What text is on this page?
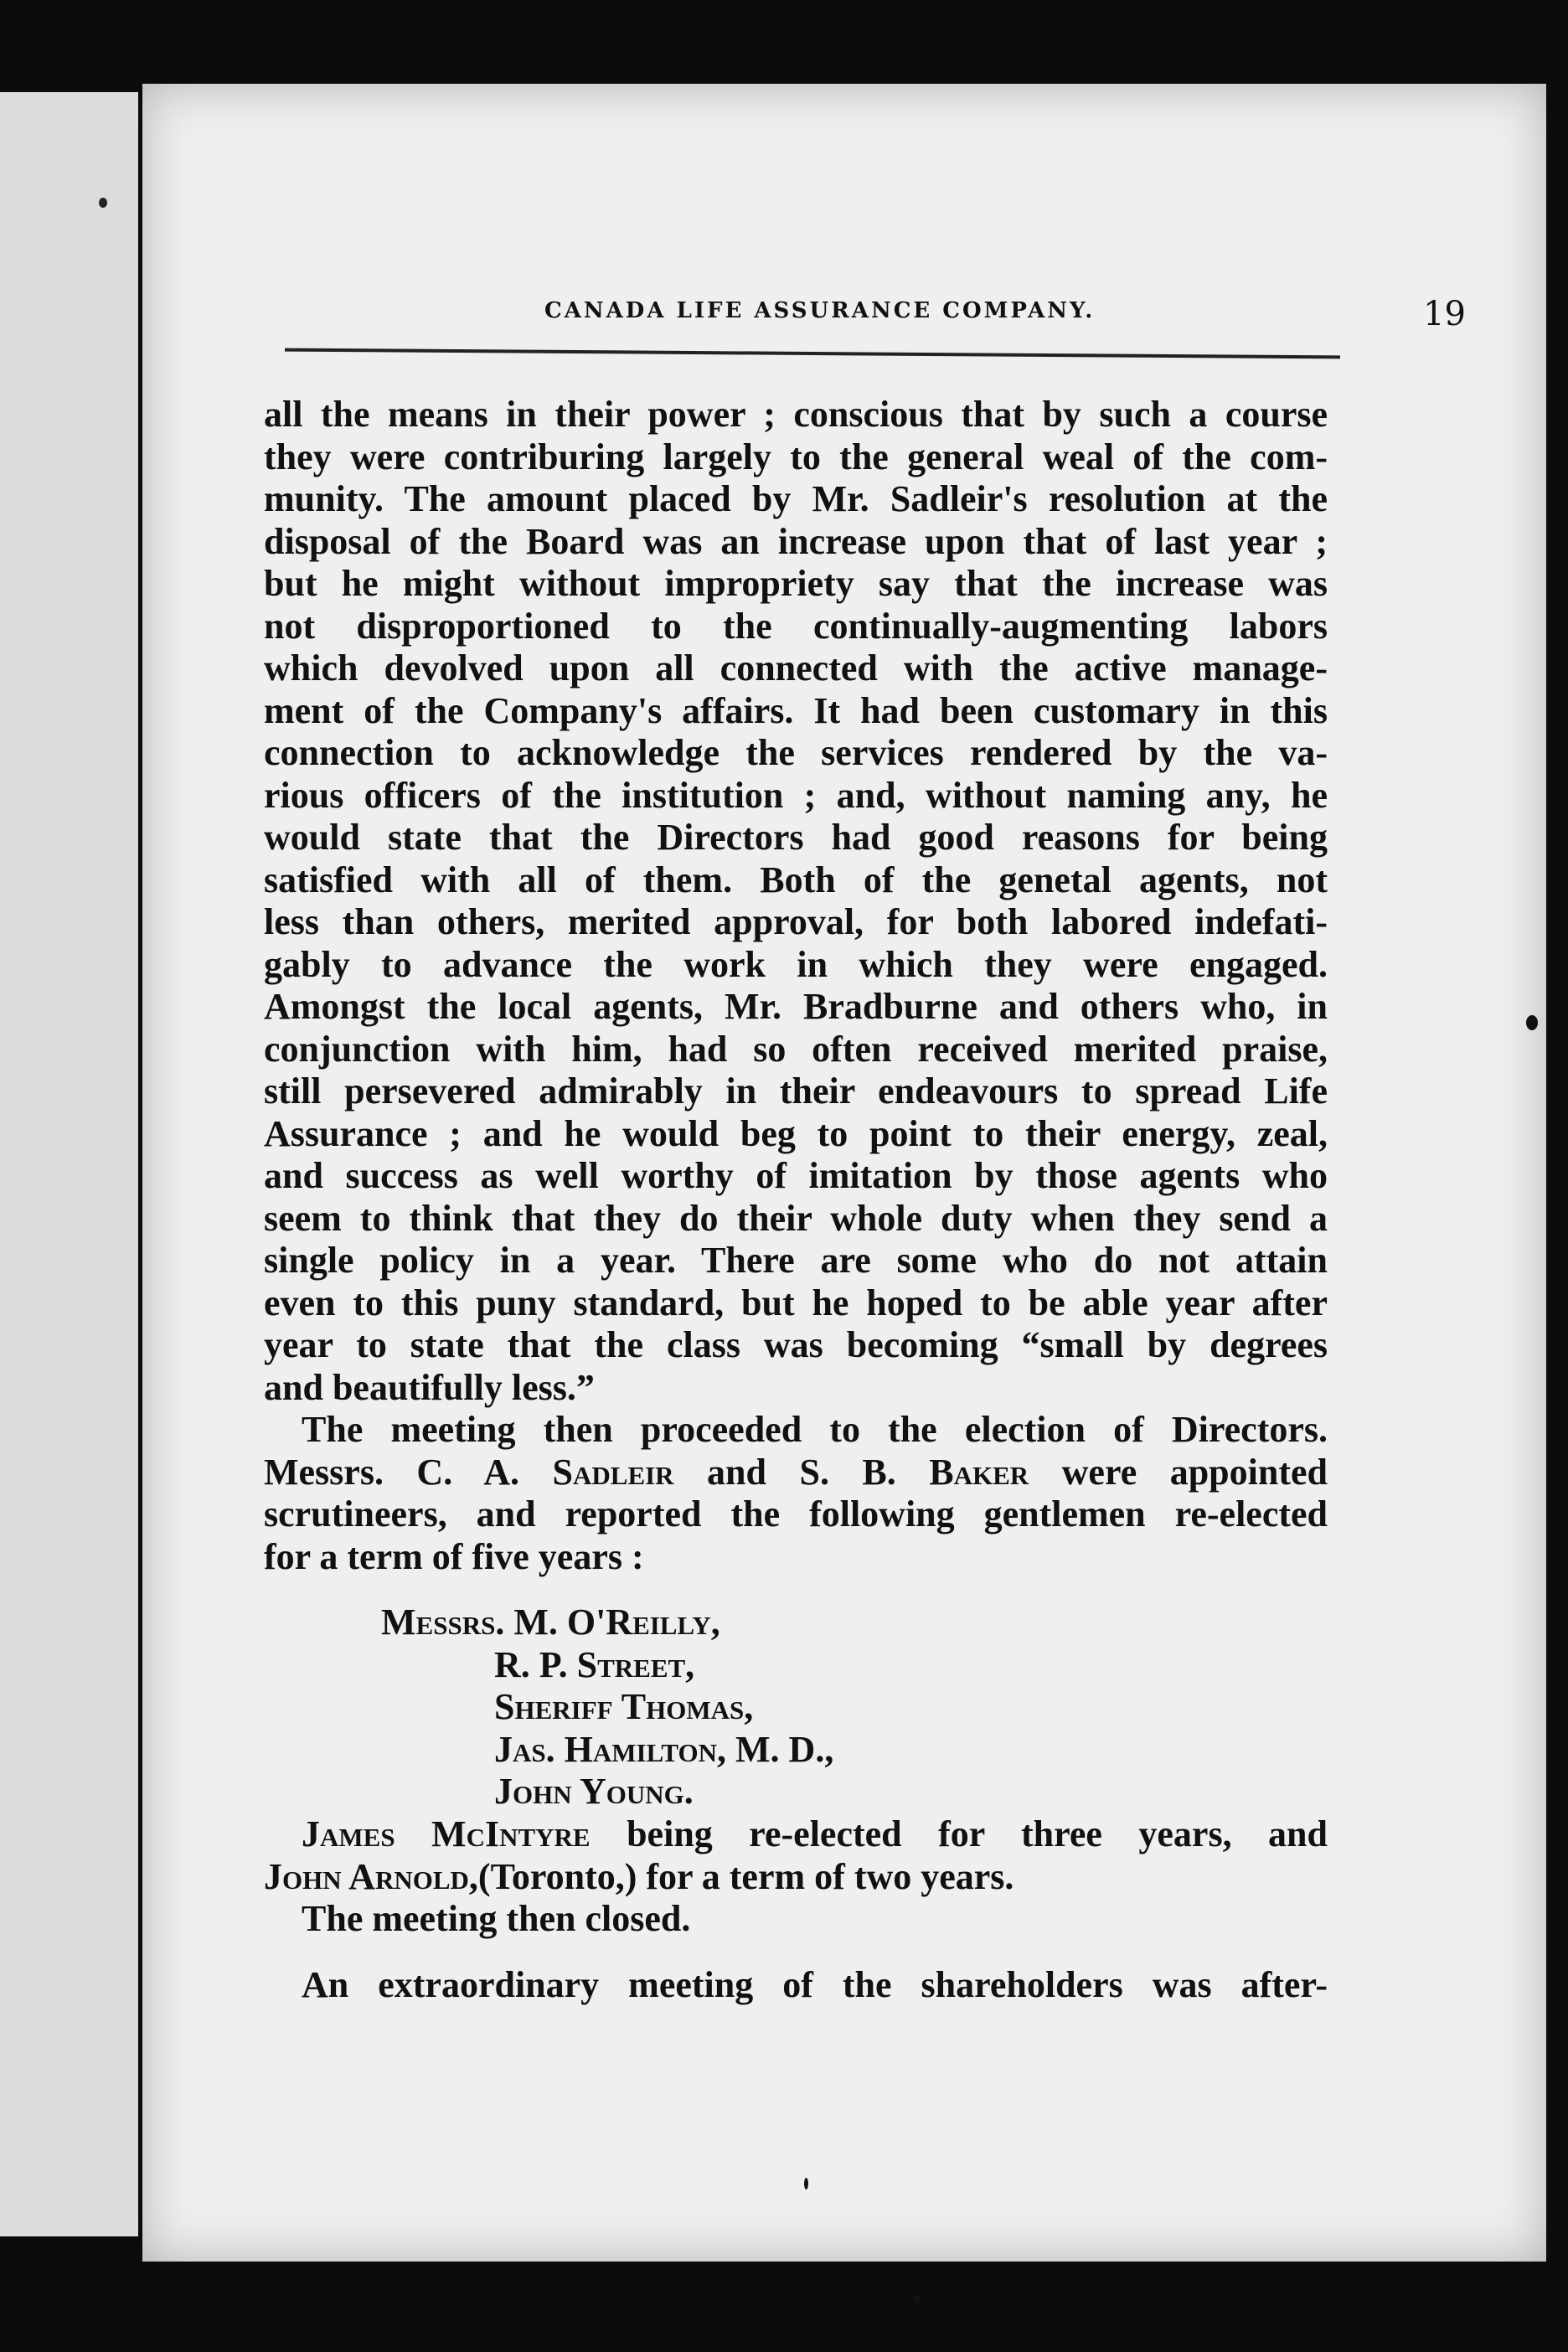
CANADA LIFE ASSURANCE COMPANY.	19
all the means in their power ; conscious that by such a course
they were contriburing largely to the general weal of the com-
munity. The amount placed by Mr. Sadleir's resolution at the
disposal of the Board was an increase upon that of last year ;
but he might without impropriety say that the increase was
not disproportioned to the continually-augmenting labors
which devolved upon all connected with the active manage-
ment of the Company's affairs. It had been customary in this
connection to acknowledge the services rendered by the va-
rious officers of the institution ; and, without naming any, he
would state that the Directors had good reasons for being
satisfied with all of them. Both of the genetal agents, not
less than others, merited approval, for both labored indefati-
gably to advance the work in which they were engaged.
Amongst the local agents, Mr. Bradburne and others who, in
conjunction with him, had so often received merited praise,
still persevered admirably in their endeavours to spread Life
Assurance ; and he would beg to point to their energy, zeal,
and success as well worthy of imitation by those agents who
seem to think that they do their whole duty when they send a
single policy in a year. There are some who do not attain
even to this puny standard, but he hoped to be able year after
year to state that the class was becoming “small by degrees
and beautifully less.”
The meeting then proceeded to the election of Directors.
Messrs. C. A. Sadleir and S. B. Baker were appointed
scrutineers, and reported the following gentlemen re-elected
for a term of five years :
Messrs. M. O'Reilly,
R. P. Street,
Sheriff Thomas,
Jas. Hamilton, M. D.,
John Young.
James McIntyre being re-elected for three years, and
John Arnold,(Toronto,) for a term of two years.
The meeting then closed.
An extraordinary meeting of the shareholders was after-
